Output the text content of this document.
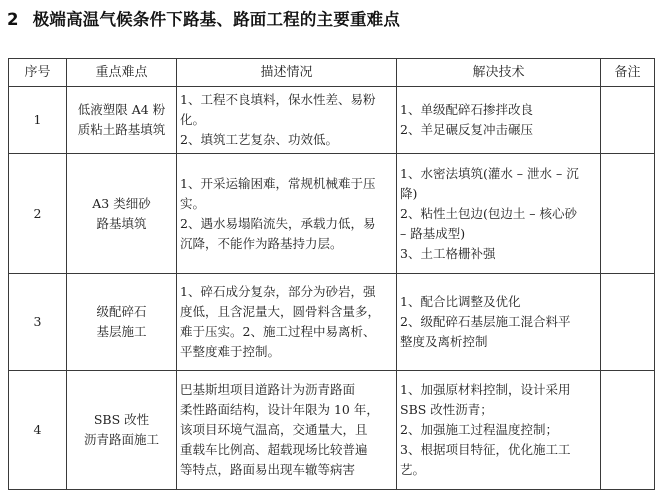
2 极端高温气候条件下路基、路面工程的主要重难点
序号	重点难点	描述情况	解决技术	备注
1	低液塑限 A4 粉
质粘土路基填筑	1、工程不良填料，保水性差、易粉
化。
2、填筑工艺复杂、功效低。	1、单级配碎石掺拌改良
2、羊足碾反复冲击碾压	

2	A3 类细砂
路基填筑	1、开采运输困难，常规机械难于压
实。
2、遇水易塌陷流失，承载力低，易
沉降，不能作为路基持力层。	1、水密法填筑(灌水 – 泄水 – 沉
降)
2、粘性土包边(包边土 – 核心砂
– 路基成型)
3、土工格栅补强	

3	级配碎石
基层施工	1、碎石成分复杂，部分为砂岩，强
度低，且含泥量大，圆骨料含量多，
难于压实。2、施工过程中易离析、
平整度难于控制。	1、配合比调整及优化
2、级配碎石基层施工混合料平
整度及离析控制	

4	SBS 改性
沥青路面施工	巴基斯坦项目道路计为沥青路面
柔性路面结构，设计年限为 10 年，
该项目环境气温高，交通量大，且
重载车比例高、超载现场比较普遍
等特点，路面易出现车辙等病害	1、加强原材料控制，设计采用
SBS 改性沥青；
2、加强施工过程温度控制；
3、根据项目特征，优化施工工
艺。	
